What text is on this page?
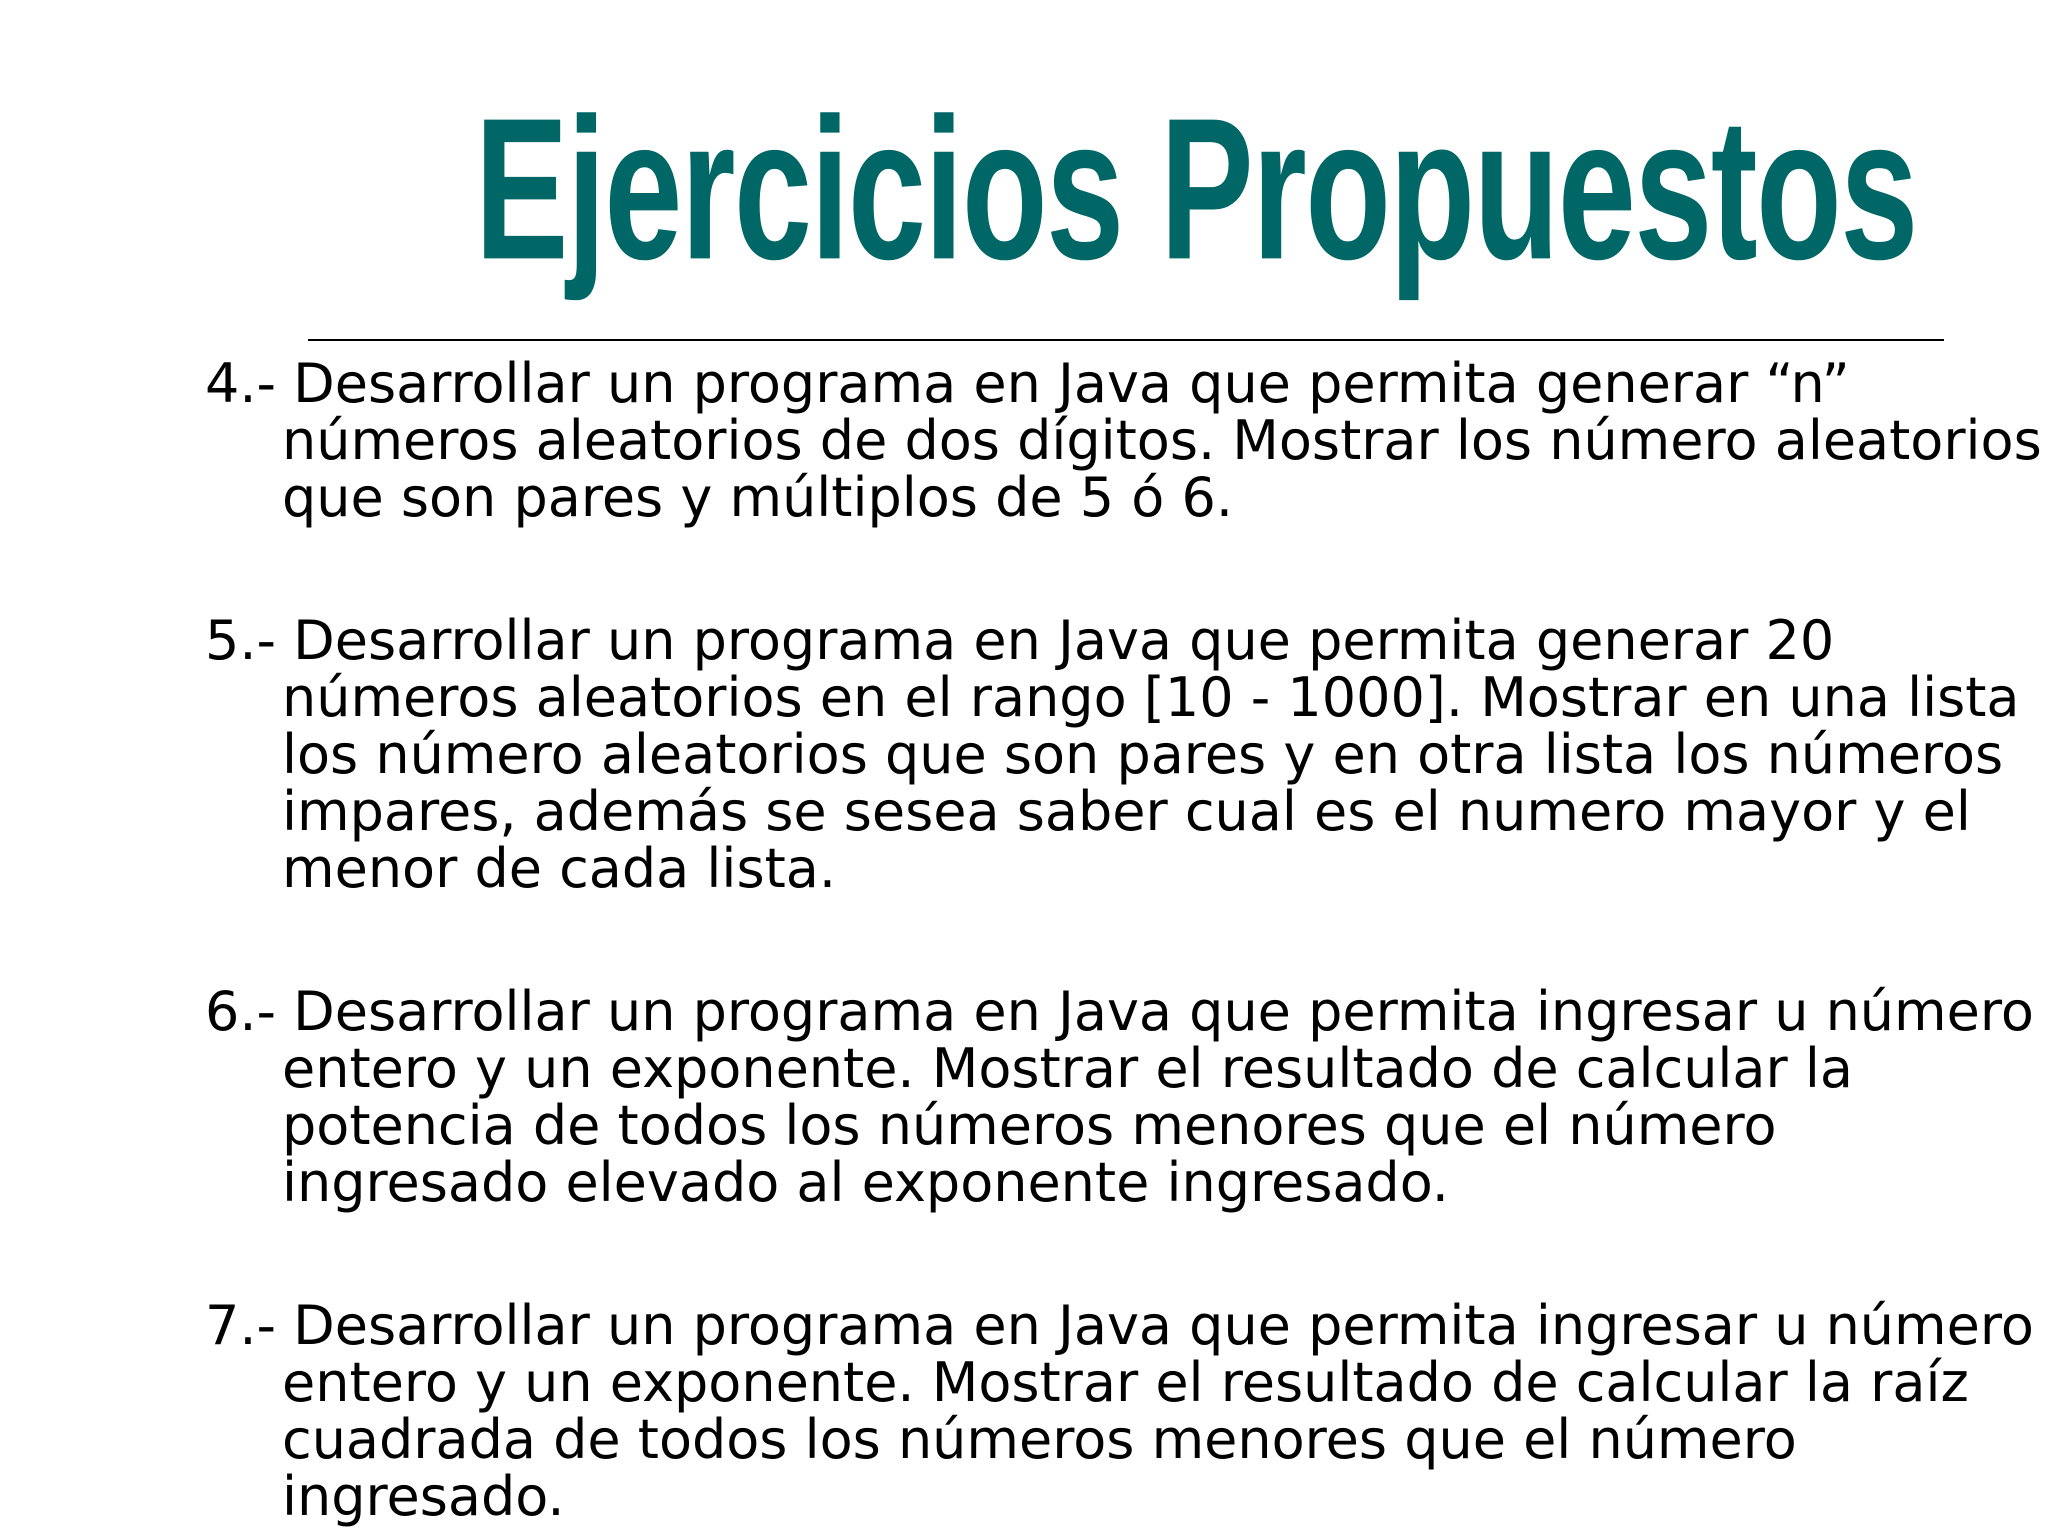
Ejercicios Propuestos
4.- Desarrollar un programa en Java que permita generar “n” números aleatorios de dos dígitos. Mostrar los número aleatorios que son pares y múltiplos de 5 ó 6.
5.- Desarrollar un programa en Java que permita generar 20 números aleatorios en el rango [10 - 1000]. Mostrar en una lista los número aleatorios que son pares y en otra lista los números impares, además se sesea saber cual es el numero mayor y el menor de cada lista.
6.- Desarrollar un programa en Java que permita ingresar u número entero y un exponente. Mostrar el resultado de calcular la potencia de todos los números menores que el número ingresado elevado al exponente ingresado.
7.- Desarrollar un programa en Java que permita ingresar u número entero y un exponente. Mostrar el resultado de calcular la raíz cuadrada de todos los números menores que el número ingresado.
